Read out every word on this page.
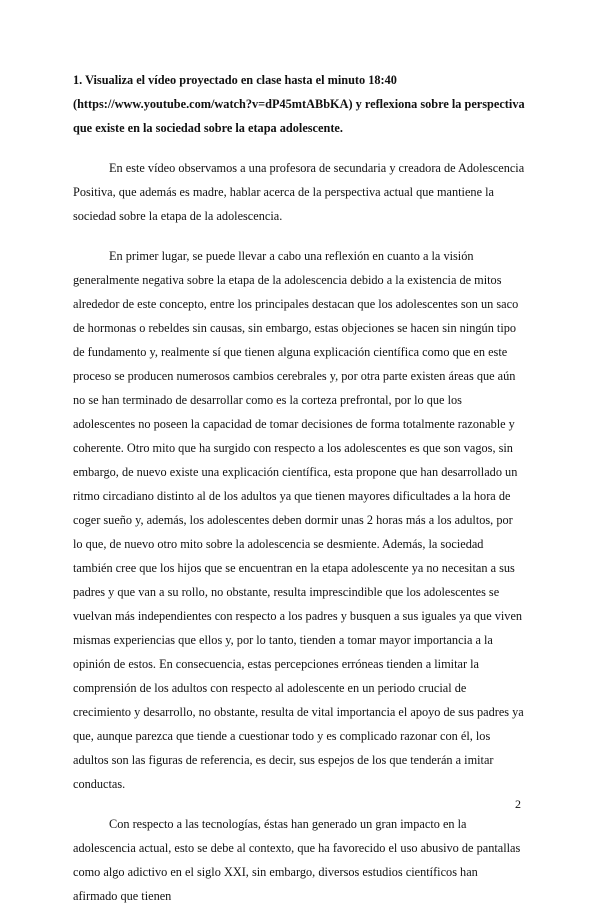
1. Visualiza el vídeo proyectado en clase hasta el minuto 18:40 (https://www.youtube.com/watch?v=dP45mtABbKA) y reflexiona sobre la perspectiva que existe en la sociedad sobre la etapa adolescente.

En este vídeo observamos a una profesora de secundaria y creadora de Adolescencia Positiva, que además es madre, hablar acerca de la perspectiva actual que mantiene la sociedad sobre la etapa de la adolescencia.

En primer lugar, se puede llevar a cabo una reflexión en cuanto a la visión generalmente negativa sobre la etapa de la adolescencia debido a la existencia de mitos alrededor de este concepto, entre los principales destacan que los adolescentes son un saco de hormonas o rebeldes sin causas, sin embargo, estas objeciones se hacen sin ningún tipo de fundamento y, realmente sí que tienen alguna explicación científica como que en este proceso se producen numerosos cambios cerebrales y, por otra parte existen áreas que aún no se han terminado de desarrollar como es la corteza prefrontal, por lo que los adolescentes no poseen la capacidad de tomar decisiones de forma totalmente razonable y coherente. Otro mito que ha surgido con respecto a los adolescentes es que son vagos, sin embargo, de nuevo existe una explicación científica, esta propone que han desarrollado un ritmo circadiano distinto al de los adultos ya que tienen mayores dificultades a la hora de coger sueño y, además, los adolescentes deben dormir unas 2 horas más a los adultos, por lo que, de nuevo otro mito sobre la adolescencia se desmiente. Además, la sociedad también cree que los hijos que se encuentran en la etapa adolescente ya no necesitan a sus padres y que van a su rollo, no obstante, resulta imprescindible que los adolescentes se vuelvan más independientes con respecto a los padres y busquen a sus iguales ya que viven mismas experiencias que ellos y, por lo tanto, tienden a tomar mayor importancia a la opinión de estos. En consecuencia, estas percepciones erróneas tienden a limitar la comprensión de los adultos con respecto al adolescente en un periodo crucial de crecimiento y desarrollo, no obstante, resulta de vital importancia el apoyo de sus padres ya que, aunque parezca que tiende a cuestionar todo y es complicado razonar con él, los adultos son las figuras de referencia, es decir, sus espejos de los que tenderán a imitar conductas.

Con respecto a las tecnologías, éstas han generado un gran impacto en la adolescencia actual, esto se debe al contexto, que ha favorecido el uso abusivo de pantallas como algo adictivo en el siglo XXI, sin embargo, diversos estudios científicos han afirmado que tienen

2
